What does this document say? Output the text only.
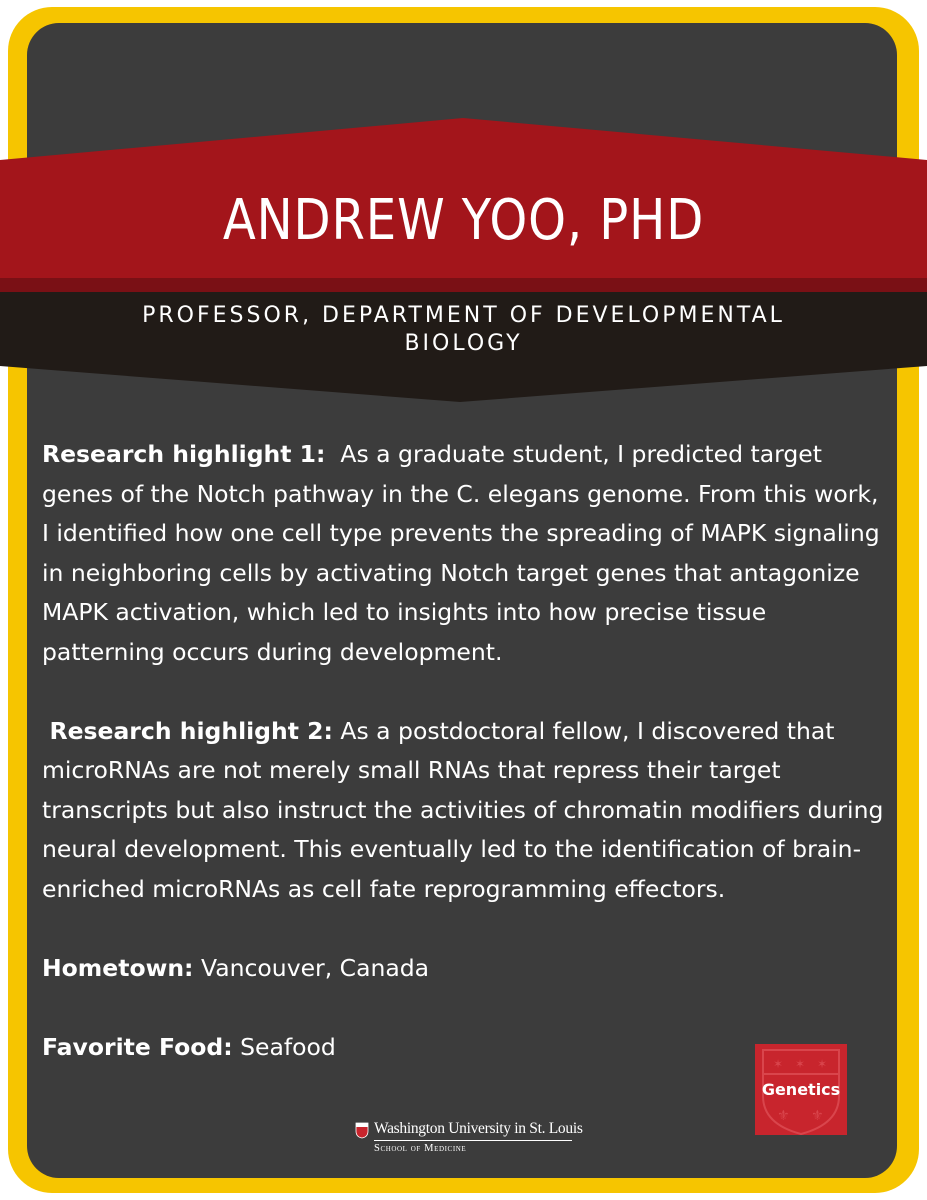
ANDREW YOO, PHD
PROFESSOR, DEPARTMENT OF DEVELOPMENTAL BIOLOGY

Research highlight 1: As a graduate student, I predicted target genes of the Notch pathway in the C. elegans genome. From this work, I identified how one cell type prevents the spreading of MAPK signaling in neighboring cells by activating Notch target genes that antagonize MAPK activation, which led to insights into how precise tissue patterning occurs during development.

Research highlight 2: As a postdoctoral fellow, I discovered that microRNAs are not merely small RNAs that repress their target transcripts but also instruct the activities of chromatin modifiers during neural development. This eventually led to the identification of brain-enriched microRNAs as cell fate reprogramming effectors.

Hometown: Vancouver, Canada

Favorite Food: Seafood

✶ ✶ ✶
⚜ ⚜
Genetics
Washington University in St. Louis
School of Medicine
